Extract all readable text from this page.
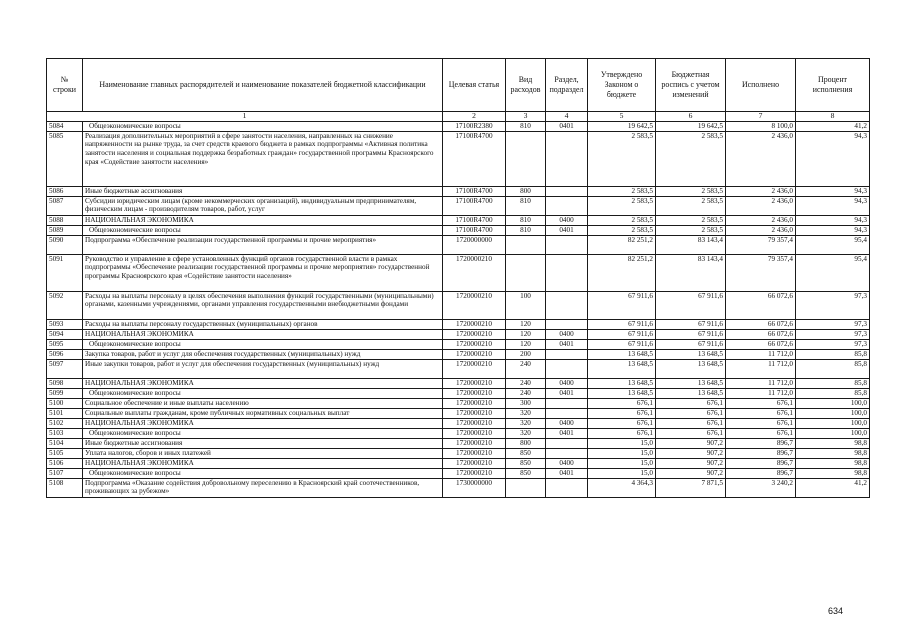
№ строки	Наименование главных распорядителей и наименование показателей бюджетной классификации	Целевая статья	Вид расходов	Раздел, подраздел	Утверждено Законом о бюджете	Бюджетная роспись с учетом изменений	Исполнено	Процент исполнения
1		2	3	4	5	6	7	8
5084	Общеэкономические вопросы	17100R2380	810	0401	19 642,5	19 642,5	8 100,0	41,2
5085	Реализация дополнительных мероприятий в сфере занятости населения, направленных на снижение напряженности на рынке труда, за счет средств краевого бюджета в рамках подпрограммы «Активная политика занятости населения и социальная поддержка безработных граждан» государственной программы Красноярского края «Содействие занятости населения»	17100R4700			2 583,5	2 583,5	2 436,0	94,3
5086	Иные бюджетные ассигнования	17100R4700	800		2 583,5	2 583,5	2 436,0	94,3
5087	Субсидии юридическим лицам (кроме некоммерческих организаций), индивидуальным предпринимателям, физическим лицам - производителям товаров, работ, услуг	17100R4700	810		2 583,5	2 583,5	2 436,0	94,3
5088	НАЦИОНАЛЬНАЯ ЭКОНОМИКА	17100R4700	810	0400	2 583,5	2 583,5	2 436,0	94,3
5089	Общеэкономические вопросы	17100R4700	810	0401	2 583,5	2 583,5	2 436,0	94,3
5090	Подпрограмма «Обеспечение реализации государственной программы и прочие мероприятия»	1720000000			82 251,2	83 143,4	79 357,4	95,4
5091	Руководство и управление в сфере установленных функций органов государственной власти в рамках подпрограммы «Обеспечение реализации государственной программы и прочие мероприятия» государственной программы Красноярского края «Содействие занятости населения»	1720000210			82 251,2	83 143,4	79 357,4	95,4
5092	Расходы на выплаты персоналу в целях обеспечения выполнения функций государственными (муниципальными) органами, казенными учреждениями, органами управления государственными внебюджетными фондами	1720000210	100		67 911,6	67 911,6	66 072,6	97,3
5093	Расходы на выплаты персоналу государственных (муниципальных) органов	1720000210	120		67 911,6	67 911,6	66 072,6	97,3
5094	НАЦИОНАЛЬНАЯ ЭКОНОМИКА	1720000210	120	0400	67 911,6	67 911,6	66 072,6	97,3
5095	Общеэкономические вопросы	1720000210	120	0401	67 911,6	67 911,6	66 072,6	97,3
5096	Закупка товаров, работ и услуг для обеспечения государственных (муниципальных) нужд	1720000210	200		13 648,5	13 648,5	11 712,0	85,8
5097	Иные закупки товаров, работ и услуг для обеспечения государственных (муниципальных) нужд	1720000210	240		13 648,5	13 648,5	11 712,0	85,8
5098	НАЦИОНАЛЬНАЯ ЭКОНОМИКА	1720000210	240	0400	13 648,5	13 648,5	11 712,0	85,8
5099	Общеэкономические вопросы	1720000210	240	0401	13 648,5	13 648,5	11 712,0	85,8
5100	Социальное обеспечение и иные выплаты населению	1720000210	300		676,1	676,1	676,1	100,0
5101	Социальные выплаты гражданам, кроме публичных нормативных социальных выплат	1720000210	320		676,1	676,1	676,1	100,0
5102	НАЦИОНАЛЬНАЯ ЭКОНОМИКА	1720000210	320	0400	676,1	676,1	676,1	100,0
5103	Общеэкономические вопросы	1720000210	320	0401	676,1	676,1	676,1	100,0
5104	Иные бюджетные ассигнования	1720000210	800		15,0	907,2	896,7	98,8
5105	Уплата налогов, сборов и иных платежей	1720000210	850		15,0	907,2	896,7	98,8
5106	НАЦИОНАЛЬНАЯ ЭКОНОМИКА	1720000210	850	0400	15,0	907,2	896,7	98,8
5107	Общеэкономические вопросы	1720000210	850	0401	15,0	907,2	896,7	98,8
5108	Подпрограмма «Оказание содействия добровольному переселению в Красноярский край соотечественников, проживающих за рубежом»	1730000000			4 364,3	7 871,5	3 240,2	41,2
634
